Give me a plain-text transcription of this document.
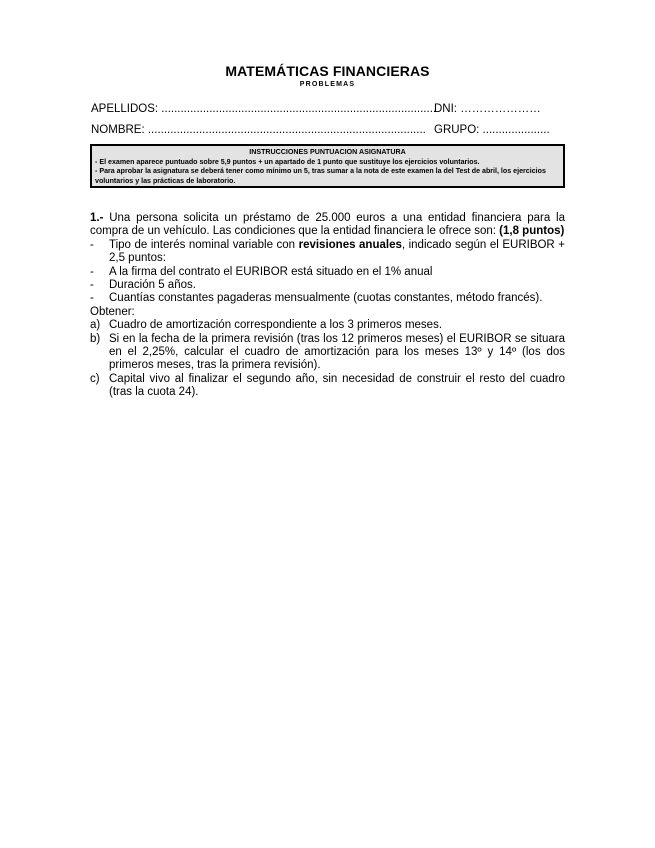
MATEMÁTICAS FINANCIERAS
PROBLEMAS
APELLIDOS: ......................................................................................
DNI: …………………
NOMBRE: ....................................................................................... GRUPO: .....................
INSTRUCCIONES PUNTUACION ASIGNATURA
- El examen aparece puntuado sobre 5,9 puntos + un apartado de 1 punto que sustituye los ejercicios voluntarios.
- Para aprobar la asignatura se deberá tener como mínimo un 5, tras sumar a la nota de este examen la del Test de abril, los ejercicios voluntarios y las prácticas de laboratorio.

1.- Una persona solicita un préstamo de 25.000 euros a una entidad financiera para la compra de un vehículo. Las condiciones que la entidad financiera le ofrece son: (1,8 puntos)

- Tipo de interés nominal variable con revisiones anuales, indicado según el EURIBOR + 2,5 puntos:
- A la firma del contrato el EURIBOR está situado en el 1% anual
- Duración 5 años.
- Cuantías constantes pagaderas mensualmente (cuotas constantes, método francés).

Obtener:

a) Cuadro de amortización correspondiente a los 3 primeros meses.
b) Si en la fecha de la primera revisión (tras los 12 primeros meses) el EURIBOR se situara en el 2,25%, calcular el cuadro de amortización para los meses 13º y 14º (los dos primeros meses, tras la primera revisión).
c) Capital vivo al finalizar el segundo año, sin necesidad de construir el resto del cuadro (tras la cuota 24).
